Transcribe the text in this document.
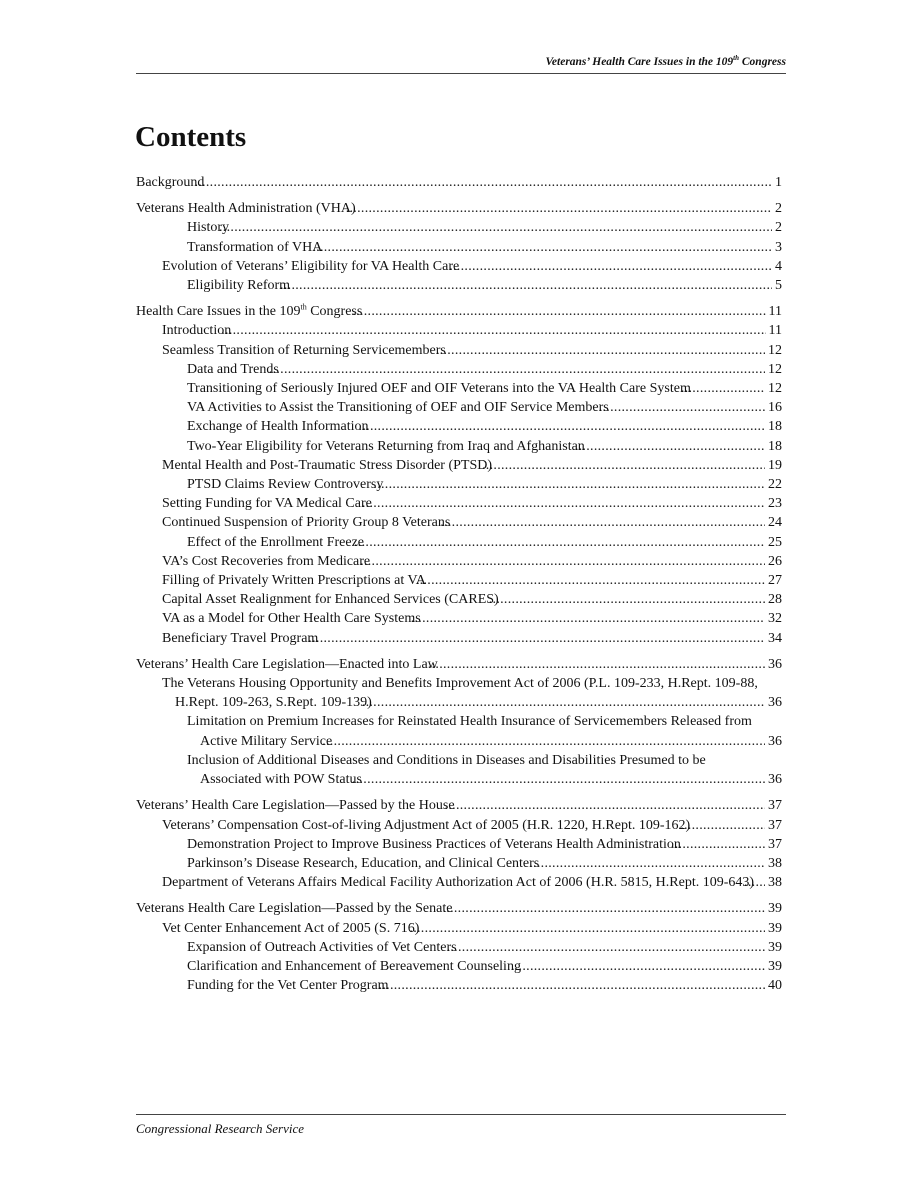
Veterans’ Health Care Issues in the 109th Congress
Contents
Background . . .	1
Veterans Health Administration (VHA) . . .	2
History . . .	2
Transformation of VHA . . .	3
Evolution of Veterans’ Eligibility for VA Health Care . . .	4
Eligibility Reform . . .	5
Health Care Issues in the 109th Congress . . .	11
Introduction . . .	11
Seamless Transition of Returning Servicemembers . . .	12
Data and Trends . . .	12
Transitioning of Seriously Injured OEF and OIF Veterans into the VA Health Care System . . .	12
VA Activities to Assist the Transitioning of OEF and OIF Service Members . . .	16
Exchange of Health Information . . .	18
Two-Year Eligibility for Veterans Returning from Iraq and Afghanistan . . .	18
Mental Health and Post-Traumatic Stress Disorder (PTSD) . . .	19
PTSD Claims Review Controversy . . .	22
Setting Funding for VA Medical Care . . .	23
Continued Suspension of Priority Group 8 Veterans . . .	24
Effect of the Enrollment Freeze . . .	25
VA’s Cost Recoveries from Medicare . . .	26
Filling of Privately Written Prescriptions at VA . . .	27
Capital Asset Realignment for Enhanced Services (CARES) . . .	28
VA as a Model for Other Health Care Systems . . .	32
Beneficiary Travel Program . . .	34
Veterans’ Health Care Legislation—Enacted into Law . . .	36
The Veterans Housing Opportunity and Benefits Improvement Act of 2006 (P.L. 109-233, H.Rept. 109-88, H.Rept. 109-263, S.Rept. 109-139) . . .	36
Limitation on Premium Increases for Reinstated Health Insurance of Servicemembers Released from Active Military Service . . .	36
Inclusion of Additional Diseases and Conditions in Diseases and Disabilities Presumed to be Associated with POW Status . . .	36
Veterans’ Health Care Legislation—Passed by the House . . .	37
Veterans’ Compensation Cost-of-living Adjustment Act of 2005 (H.R. 1220, H.Rept. 109-162) . . .	37
Demonstration Project to Improve Business Practices of Veterans Health Administration . . .	37
Parkinson’s Disease Research, Education, and Clinical Centers . . .	38
Department of Veterans Affairs Medical Facility Authorization Act of 2006 (H.R. 5815, H.Rept. 109-643) . . . 38
Veterans Health Care Legislation—Passed by the Senate . . .	39
Vet Center Enhancement Act of 2005 (S. 716) . . .	39
Expansion of Outreach Activities of Vet Centers . . .	39
Clarification and Enhancement of Bereavement Counseling . . .	39
Funding for the Vet Center Program . . .	40
Congressional Research Service
